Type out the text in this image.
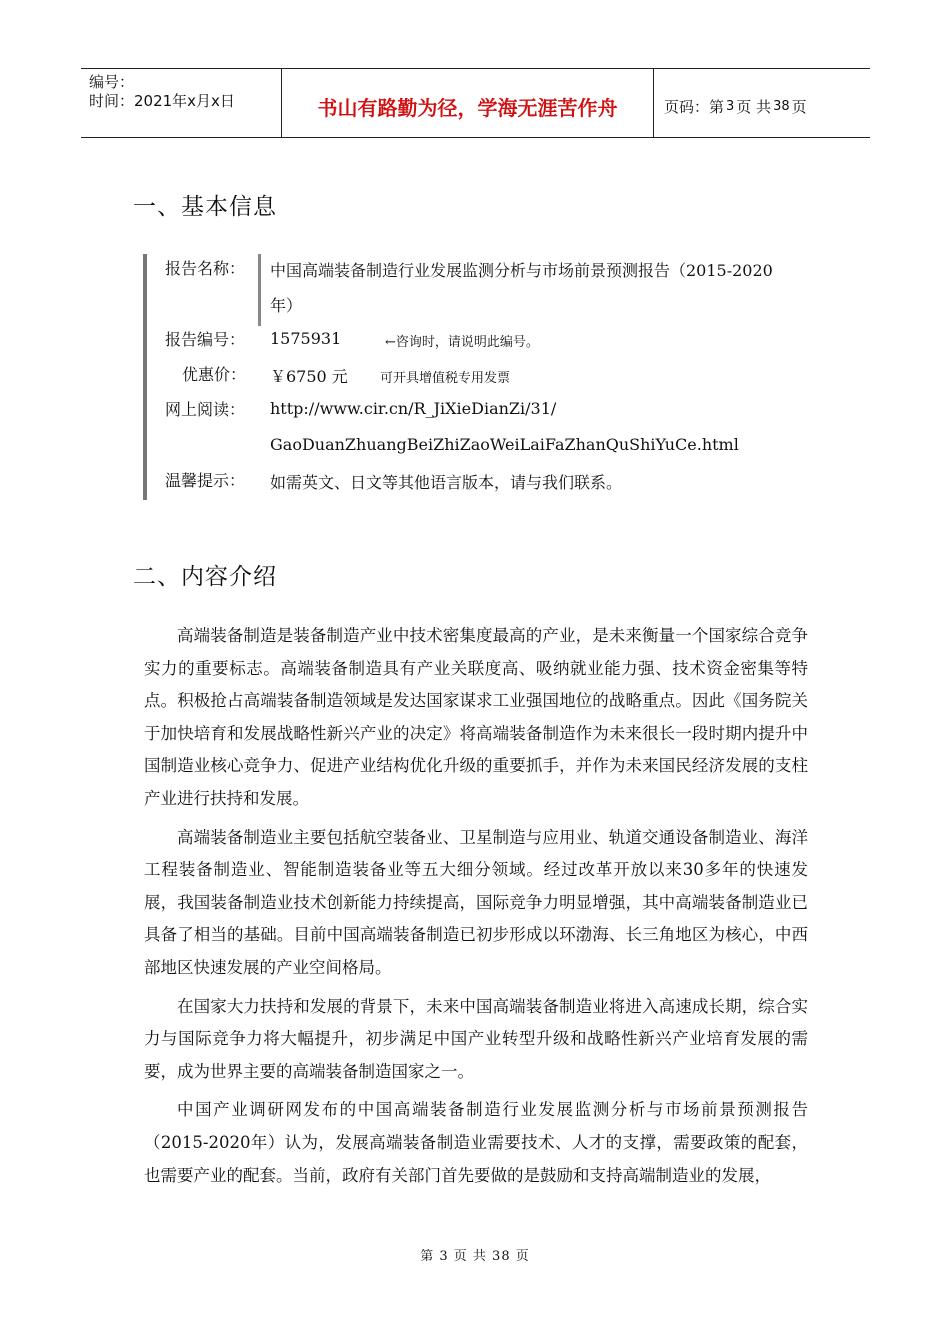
编号：
时间：2021年x月x日	书山有路勤为径，学海无涯苦作舟	页码：第 3 页 共 38 页
一、基本信息
报告名称： 中国高端装备制造行业发展监测分析与市场前景预测报告（2015-2020
年）
报告编号： 1575931	←咨询时，请说明此编号。
优惠价： ￥6750 元 可开具增值税专用发票
网上阅读： http://www.cir.cn/R_JiXieDianZi/31/
GaoDuanZhuangBeiZhiZaoWeiLaiFaZhanQuShiYuCe.html
温馨提示： 如需英文、日文等其他语言版本，请与我们联系。
二、内容介绍

高端装备制造是装备制造产业中技术密集度最高的产业，是未来衡量一个国家综合竞争实力的重要标志。高端装备制造具有产业关联度高、吸纳就业能力强、技术资金密集等特点。积极抢占高端装备制造领域是发达国家谋求工业强国地位的战略重点。因此《国务院关于加快培育和发展战略性新兴产业的决定》将高端装备制造作为未来很长一段时期内提升中国制造业核心竞争力、促进产业结构优化升级的重要抓手，并作为未来国民经济发展的支柱产业进行扶持和发展。

高端装备制造业主要包括航空装备业、卫星制造与应用业、轨道交通设备制造业、海洋工程装备制造业、智能制造装备业等五大细分领域。经过改革开放以来30多年的快速发展，我国装备制造业技术创新能力持续提高，国际竞争力明显增强，其中高端装备制造业已具备了相当的基础。目前中国高端装备制造已初步形成以环渤海、长三角地区为核心，中西部地区快速发展的产业空间格局。

在国家大力扶持和发展的背景下，未来中国高端装备制造业将进入高速成长期，综合实力与国际竞争力将大幅提升，初步满足中国产业转型升级和战略性新兴产业培育发展的需要，成为世界主要的高端装备制造国家之一。

中国产业调研网发布的中国高端装备制造行业发展监测分析与市场前景预测报告（2015-2020年）认为，发展高端装备制造业需要技术、人才的支撑，需要政策的配套，也需要产业的配套。当前，政府有关部门首先要做的是鼓励和支持高端制造业的发展，

第 3 页 共 38 页
